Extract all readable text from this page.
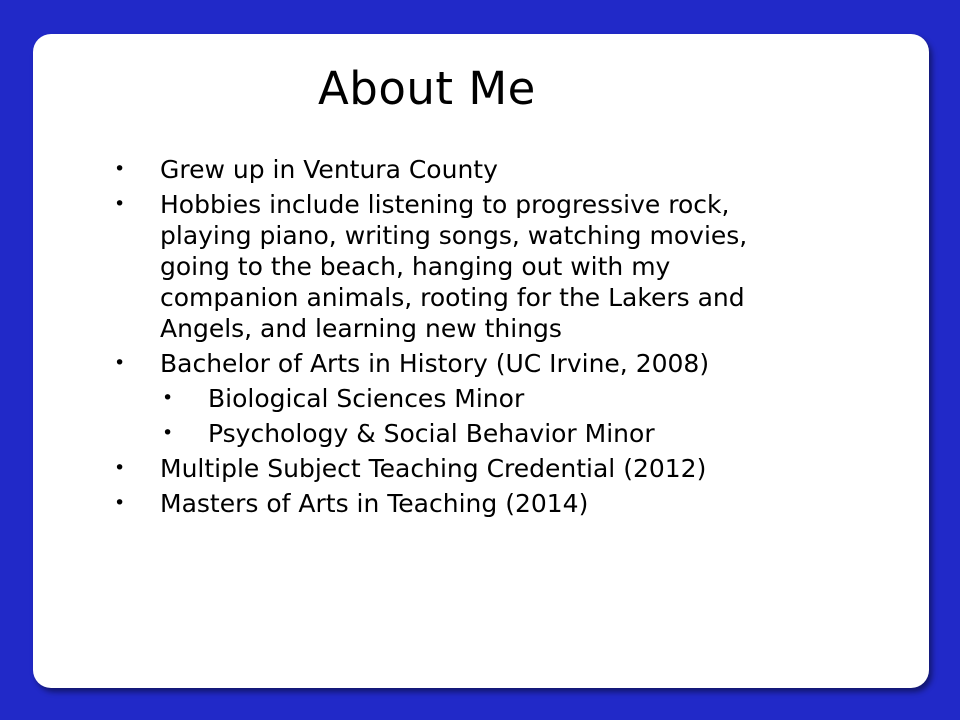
About Me
• Grew up in Ventura County
• Hobbies include listening to progressive rock, playing piano, writing songs, watching movies, going to the beach, hanging out with my companion animals, rooting for the Lakers and Angels, and learning new things
• Bachelor of Arts in History (UC Irvine, 2008)
• Biological Sciences Minor
• Psychology & Social Behavior Minor
• Multiple Subject Teaching Credential (2012)
• Masters of Arts in Teaching (2014)
